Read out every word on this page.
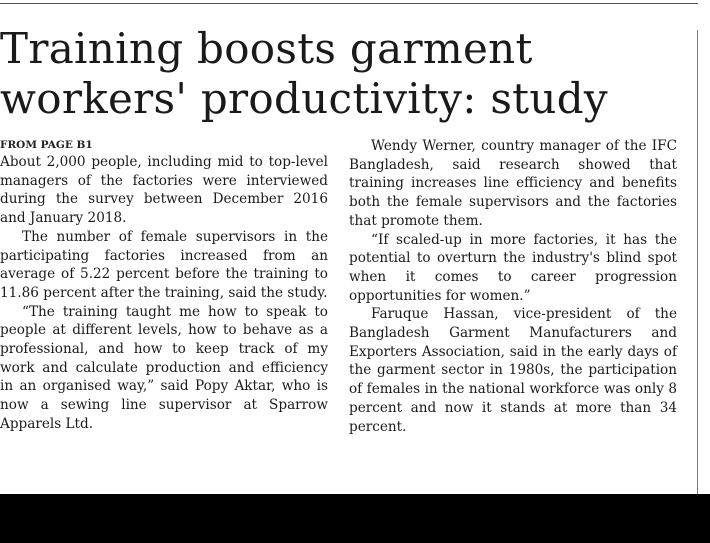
Training boosts garment
workers' productivity: study
FROM PAGE B1

About 2,000 people, including mid to top-level managers of the factories were interviewed during the survey between December 2016 and January 2018.

The number of female supervisors in the participating factories increased from an average of 5.22 percent before the training to 11.86 percent after the training, said the study.

“The training taught me how to speak to people at different levels, how to behave as a professional, and how to keep track of my work and calculate production and efficiency in an organised way,” said Popy Aktar, who is now a sewing line supervisor at Sparrow Apparels Ltd.

Wendy Werner, country manager of the IFC Bangladesh, said research showed that training increases line efficiency and benefits both the female supervisors and the factories that promote them.

“If scaled-up in more factories, it has the potential to overturn the industry's blind spot when it comes to career progression opportunities for women.”

Faruque Hassan, vice-president of the Bangladesh Garment Manufacturers and Exporters Association, said in the early days of the garment sector in 1980s, the participation of females in the national workforce was only 8 percent and now it stands at more than 34 percent.
